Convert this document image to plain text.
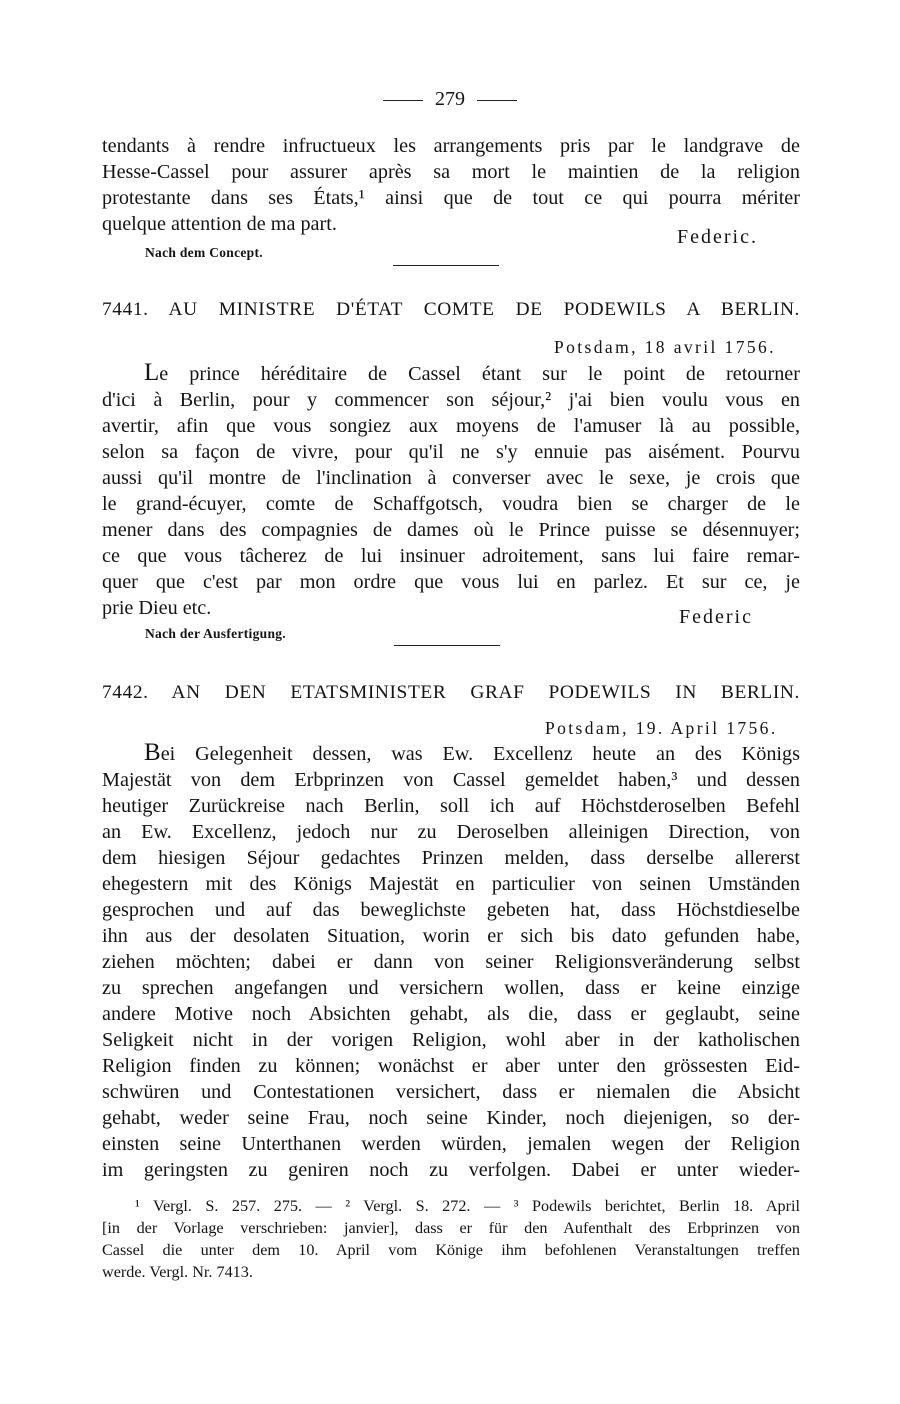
279
tendants à rendre infructueux les arrangements pris par le landgrave de
Hesse-Cassel pour assurer après sa mort le maintien de la religion
protestante dans ses États,¹ ainsi que de tout ce qui pourra mériter
quelque attention de ma part.
Federic.
Nach dem Concept.
7441. AU MINISTRE D'ÉTAT COMTE DE PODEWILS A BERLIN.
Potsdam, 18 avril 1756.
Le prince héréditaire de Cassel étant sur le point de retourner
d'ici à Berlin, pour y commencer son séjour,² j'ai bien voulu vous en
avertir, afin que vous songiez aux moyens de l'amuser là au possible,
selon sa façon de vivre, pour qu'il ne s'y ennuie pas aisément. Pourvu
aussi qu'il montre de l'inclination à converser avec le sexe, je crois que
le grand-écuyer, comte de Schaffgotsch, voudra bien se charger de le
mener dans des compagnies de dames où le Prince puisse se désennuyer;
ce que vous tâcherez de lui insinuer adroitement, sans lui faire remar-
quer que c'est par mon ordre que vous lui en parlez. Et sur ce, je
prie Dieu etc.	Federic
Nach der Ausfertigung.
7442. AN DEN ETATSMINISTER GRAF PODEWILS IN BERLIN.
Potsdam, 19. April 1756.
Bei Gelegenheit dessen, was Ew. Excellenz heute an des Königs
Majestät von dem Erbprinzen von Cassel gemeldet haben,³ und dessen
heutiger Zurückreise nach Berlin, soll ich auf Höchstderoselben Befehl
an Ew. Excellenz, jedoch nur zu Deroselben alleinigen Direction, von
dem hiesigen Séjour gedachtes Prinzen melden, dass derselbe allererst
ehegestern mit des Königs Majestät en particulier von seinen Umständen
gesprochen und auf das beweglichste gebeten hat, dass Höchstdieselbe
ihn aus der desolaten Situation, worin er sich bis dato gefunden habe,
ziehen möchten; dabei er dann von seiner Religionsveränderung selbst
zu sprechen angefangen und versichern wollen, dass er keine einzige
andere Motive noch Absichten gehabt, als die, dass er geglaubt, seine
Seligkeit nicht in der vorigen Religion, wohl aber in der katholischen
Religion finden zu können; wonächst er aber unter den grössesten Eid-
schwüren und Contestationen versichert, dass er niemalen die Absicht
gehabt, weder seine Frau, noch seine Kinder, noch diejenigen, so der-
einsten seine Unterthanen werden würden, jemalen wegen der Religion
im geringsten zu geniren noch zu verfolgen. Dabei er unter wieder-
¹ Vergl. S. 257. 275. — ² Vergl. S. 272. — ³ Podewils berichtet, Berlin 18. April
[in der Vorlage verschrieben: janvier], dass er für den Aufenthalt des Erbprinzen von
Cassel die unter dem 10. April vom Könige ihm befohlenen Veranstaltungen treffen
werde. Vergl. Nr. 7413.
